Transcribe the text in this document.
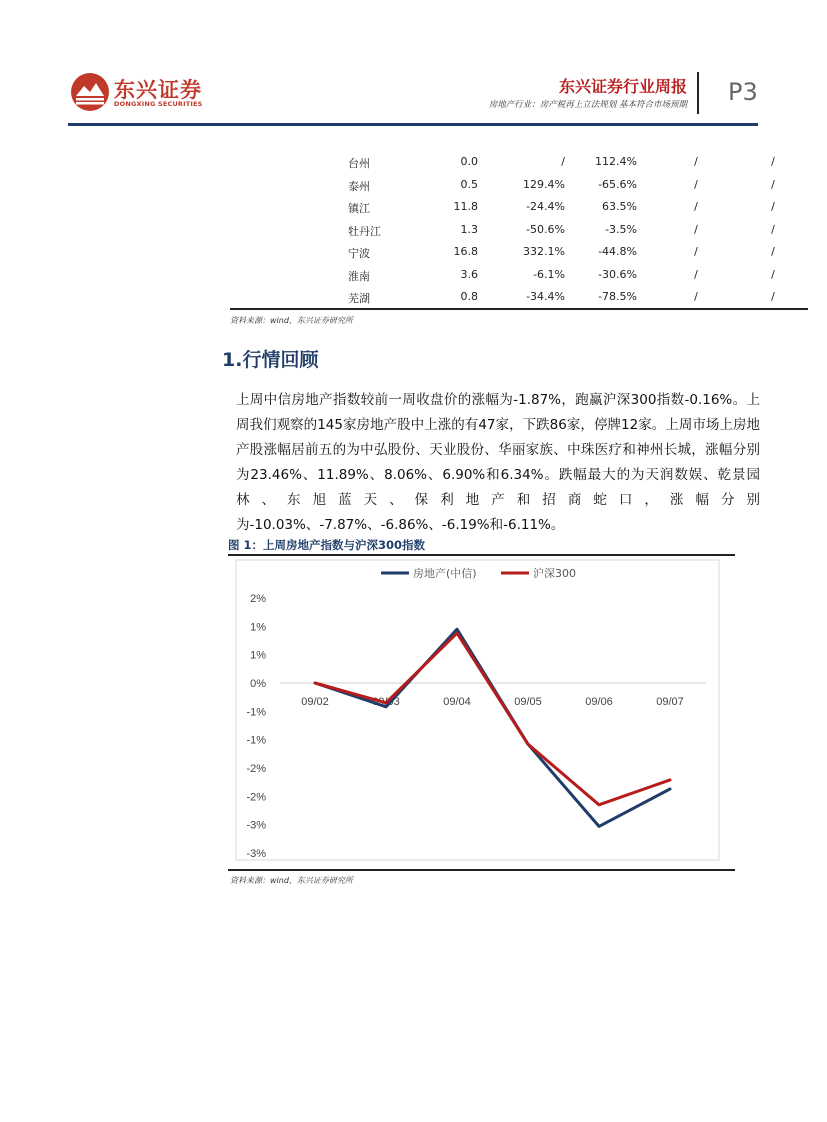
东兴证券
DONGXING SECURITIES
东兴证券行业周报
房地产行业：房产税再上立法规划 基本符合市场预期 P3
台州	0.0	/	112.4%	/	/
泰州	0.5	129.4%	-65.6%	/	/
镇江	11.8	-24.4%	63.5%	/	/
牡丹江	1.3	-50.6%	-3.5%	/	/
宁波	16.8	332.1%	-44.8%	/	/
淮南	3.6	-6.1%	-30.6%	/	/
芜湖	0.8	-34.4%	-78.5%	/	/
资料来源：wind，东兴证券研究所
1.行情回顾
上周中信房地产指数较前一周收盘价的涨幅为-1.87%，跑赢沪深300指数-0.16%。上周我们观察的145家房地产股中上涨的有47家，下跌86家，停牌12家。上周市场上房地产股涨幅居前五的为中弘股份、天业股份、华丽家族、中珠医疗和神州长城，涨幅分别为23.46%、11.89%、8.06%、6.90%和6.34%。跌幅最大的为天润数娱、乾景园林、东旭蓝天、保利地产和招商蛇口，涨幅分别为-10.03%、-7.87%、-6.86%、-6.19%和-6.11%。
图 1：上周房地产指数与沪深300指数
2%
1%
1%
0%
-1%
-1%
-2%
-2%
-3%
-3%
09/02	09/03	09/04	09/05	09/06	09/07
房地产(中信)	沪深300
资料来源：wind，东兴证券研究所
